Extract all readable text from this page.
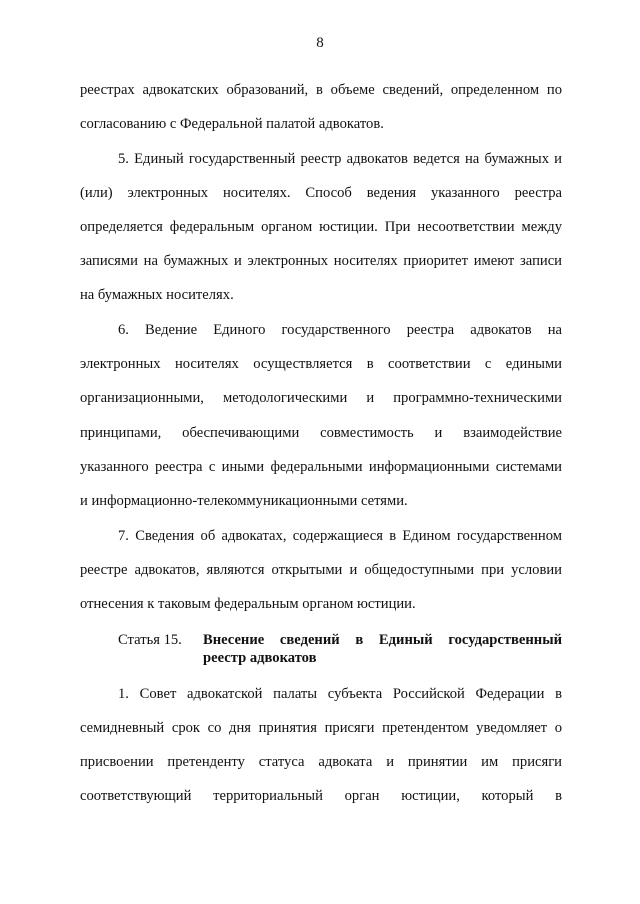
8
реестрах адвокатских образований, в объеме сведений, определенном по
согласованию с Федеральной палатой адвокатов.
5. Единый государственный реестр адвокатов ведется на бумажных и
(или) электронных носителях. Способ ведения указанного реестра
определяется федеральным органом юстиции. При несоответствии между
записями на бумажных и электронных носителях приоритет имеют записи
на бумажных носителях.
6. Ведение Единого государственного реестра адвокатов на
электронных носителях осуществляется в соответствии с едиными
организационными, методологическими и программно-техническими
принципами, обеспечивающими совместимость и взаимодействие
указанного реестра с иными федеральными информационными системами
и информационно-телекоммуникационными сетями.
7. Сведения об адвокатах, содержащиеся в Едином государственном
реестре адвокатов, являются открытыми и общедоступными при условии
отнесения к таковым федеральным органом юстиции.
Статья 15. Внесение сведений в Единый государственный
реестр адвокатов
1. Совет адвокатской палаты субъекта Российской Федерации в
семидневный срок со дня принятия присяги претендентом уведомляет о
присвоении претенденту статуса адвоката и принятии им присяги
соответствующий территориальный орган юстиции, который в
